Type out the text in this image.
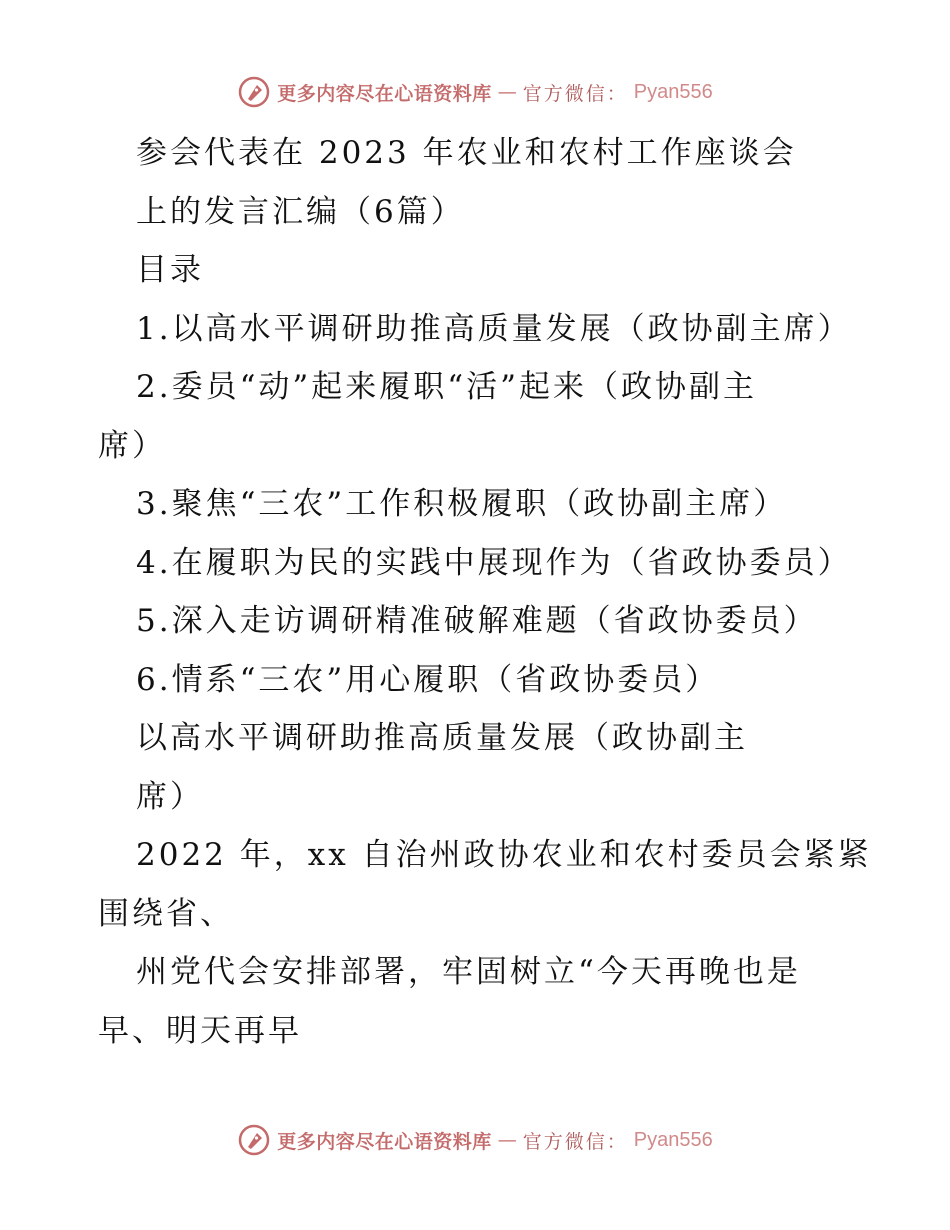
更多内容尽在心语资料库 — 官方微信： Pyan556
参会代表在 2023 年农业和农村工作座谈会
上的发言汇编（6篇）
目录
1.以高水平调研助推高质量发展（政协副主席）
2.委员“动”起来履职“活”起来（政协副主
席）
3.聚焦“三农”工作积极履职（政协副主席）
4.在履职为民的实践中展现作为（省政协委员）
5.深入走访调研精准破解难题（省政协委员）
6.情系“三农”用心履职（省政协委员）
以高水平调研助推高质量发展（政协副主
席）
2022 年，xx 自治州政协农业和农村委员会紧紧
围绕省、
州党代会安排部署，牢固树立“今天再晚也是
早、明天再早
更多内容尽在心语资料库 — 官方微信： Pyan556
